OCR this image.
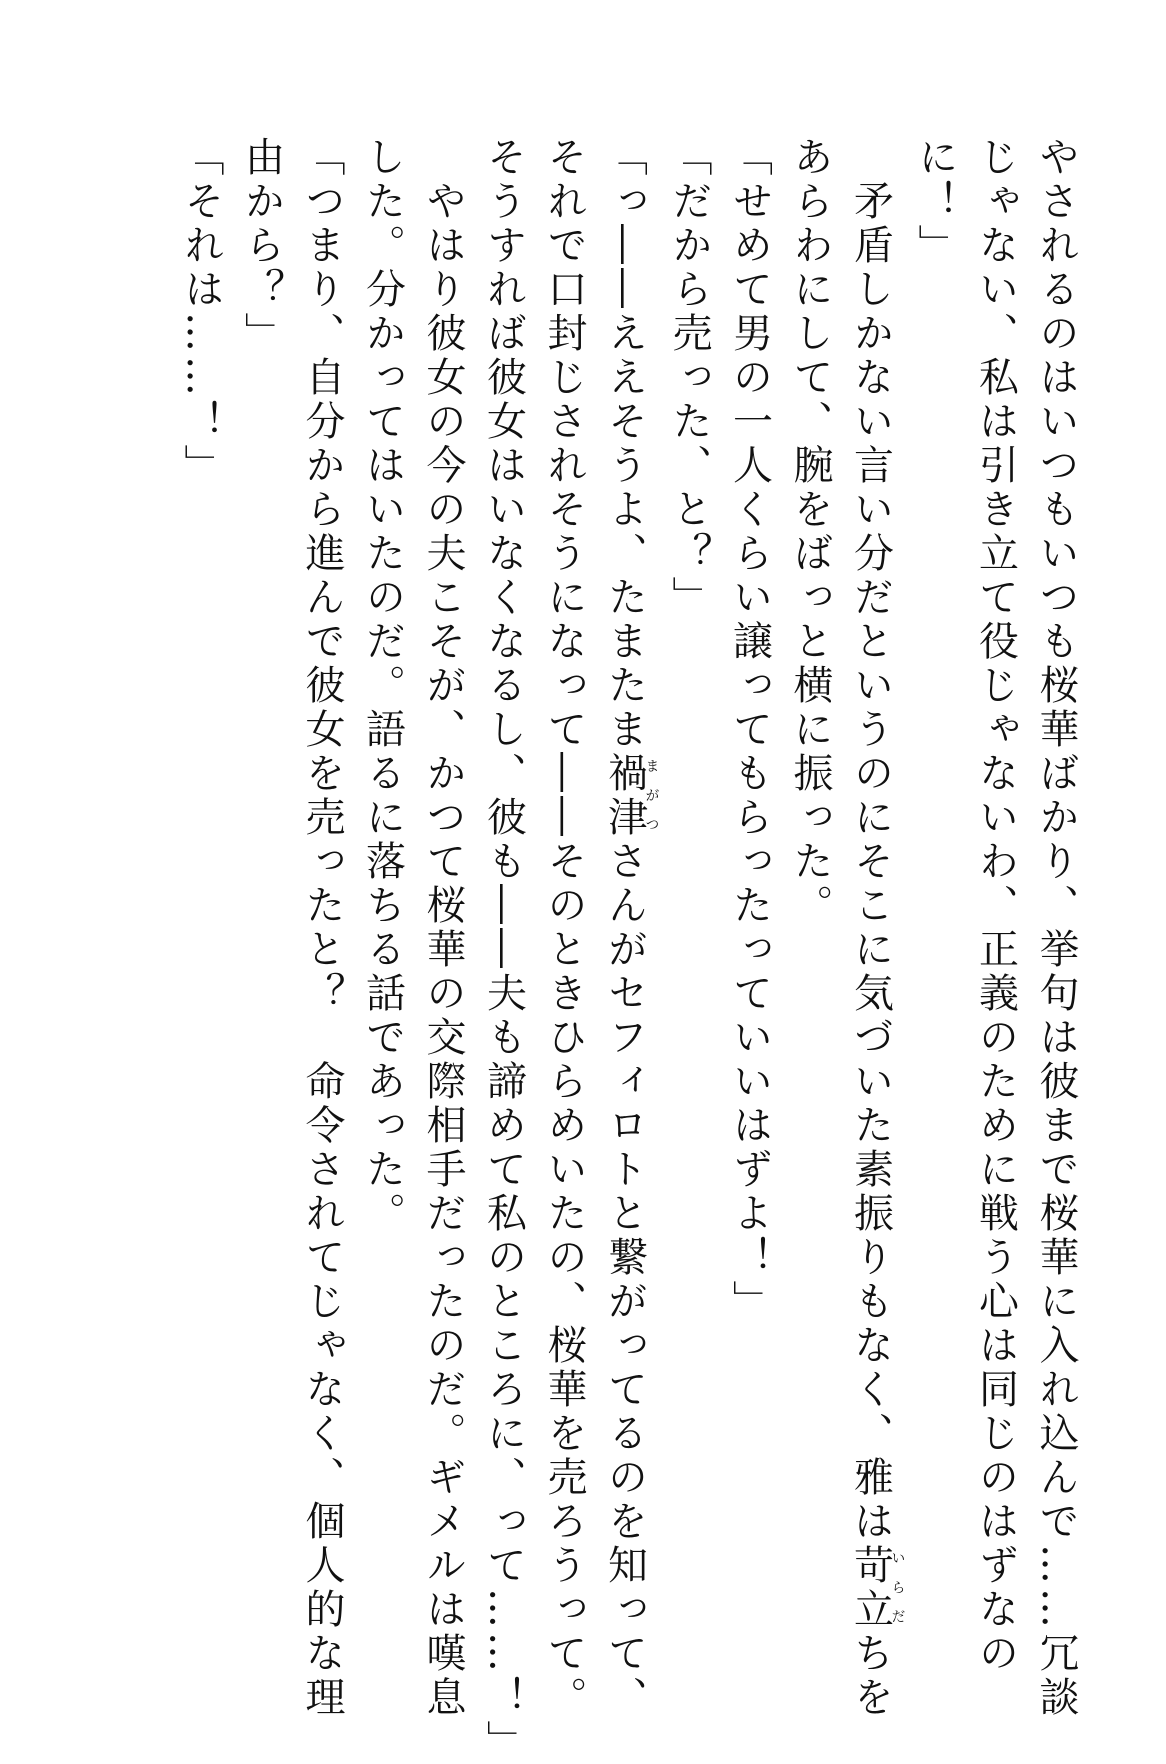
やされるのはいつもいつも桜華ばかり、挙句は彼まで桜華に入れ込んで……冗談
じゃない、私は引き立て役じゃないわ、正義のために戦う心は同じのはずなの
に！」
　矛盾しかない言い分だというのにそこに気づいた素振りもなく、雅は苛立いらだちを
あらわにして、腕をばっと横に振った。
「せめて男の一人くらい譲ってもらったっていいはずよ！」
「だから売った、と？」
「っ――ええそうよ、たまたま禍津まがつさんがセフィロトと繋がってるのを知って、
それで口封じされそうになって――そのときひらめいたの、桜華を売ろうって。
そうすれば彼女はいなくなるし、彼も――夫も諦めて私のところに、って……！」
　やはり彼女の今の夫こそが、かつて桜華の交際相手だったのだ。ギメルは嘆息
した。分かってはいたのだ。語るに落ちる話であった。
「つまり、自分から進んで彼女を売ったと？　命令されてじゃなく、個人的な理
由から？」
「それは……！」
